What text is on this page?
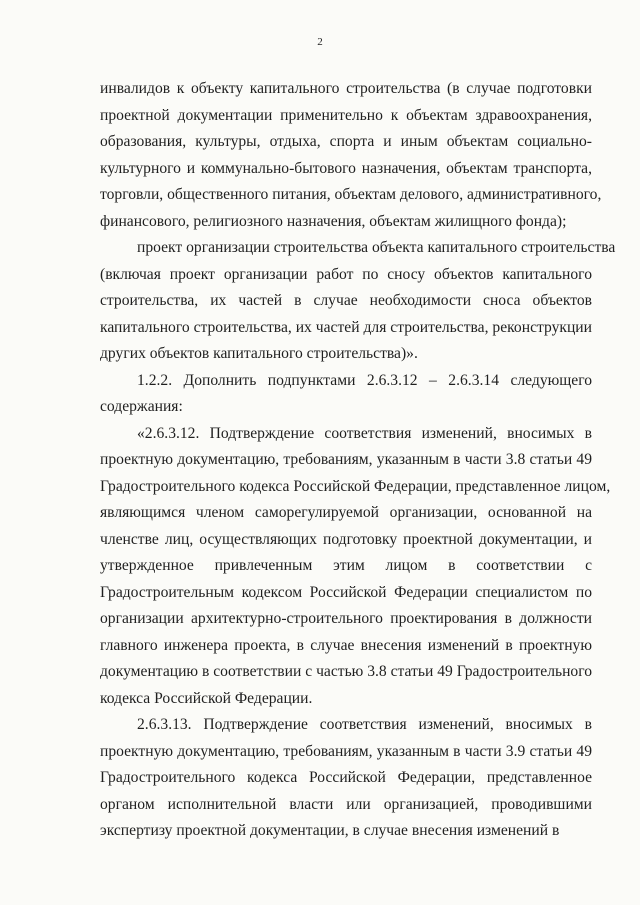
2

инвалидов к объекту капитального строительства (в случае подготовки
проектной документации применительно к объектам здравоохранения,
образования, культуры, отдыха, спорта и иным объектам социально-
культурного и коммунально-бытового назначения, объектам транспорта,
торговли, общественного питания, объектам делового, административного,
финансового, религиозного назначения, объектам жилищного фонда);

проект организации строительства объекта капитального строительства
(включая проект организации работ по сносу объектов капитального
строительства, их частей в случае необходимости сноса объектов
капитального строительства, их частей для строительства, реконструкции
других объектов капитального строительства)».

1.2.2. Дополнить подпунктами 2.6.3.12 – 2.6.3.14 следующего
содержания:

«2.6.3.12. Подтверждение соответствия изменений, вносимых в
проектную документацию, требованиям, указанным в части 3.8 статьи 49
Градостроительного кодекса Российской Федерации, представленное лицом,
являющимся членом саморегулируемой организации, основанной на
членстве лиц, осуществляющих подготовку проектной документации, и
утвержденное привлеченным этим лицом в соответствии с
Градостроительным кодексом Российской Федерации специалистом по
организации архитектурно-строительного проектирования в должности
главного инженера проекта, в случае внесения изменений в проектную
документацию в соответствии с частью 3.8 статьи 49 Градостроительного
кодекса Российской Федерации.

2.6.3.13. Подтверждение соответствия изменений, вносимых в
проектную документацию, требованиям, указанным в части 3.9 статьи 49
Градостроительного кодекса Российской Федерации, представленное
органом исполнительной власти или организацией, проводившими
экспертизу проектной документации, в случае внесения изменений в
